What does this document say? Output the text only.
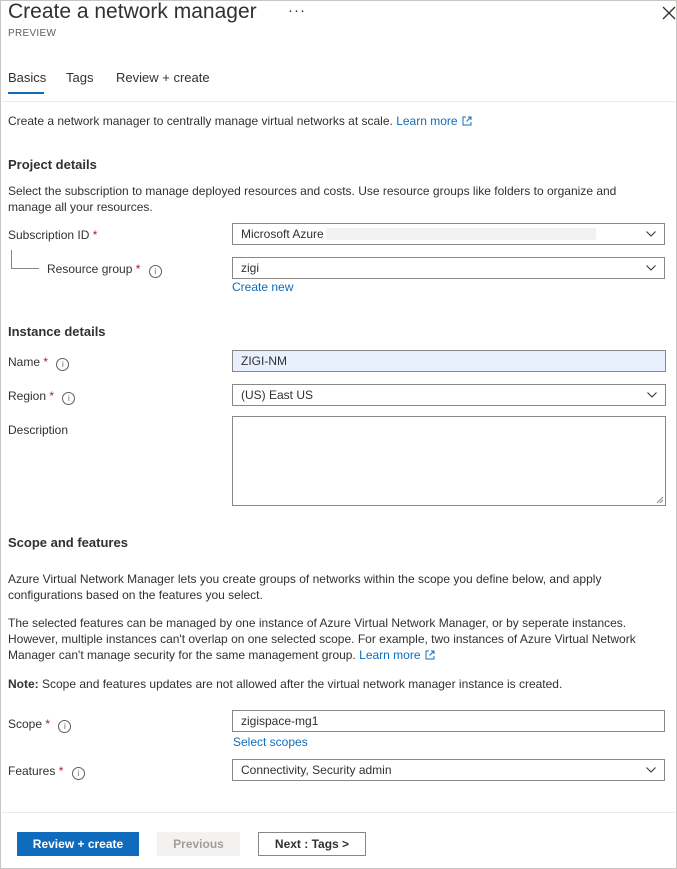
Create a network manager ···
PREVIEW
Basics Tags Review + create
Create a network manager to centrally manage virtual networks at scale. Learn more
Project details
Select the subscription to manage deployed resources and costs. Use resource groups like folders to organize and manage all your resources.
Subscription ID *	Microsoft Azure
Resource group * i	zigi
Create new
Instance details
Name * i	ZIGI-NM
Region * i	(US) East US
Description
Scope and features
Azure Virtual Network Manager lets you create groups of networks within the scope you define below, and apply configurations based on the features you select.
The selected features can be managed by one instance of Azure Virtual Network Manager, or by seperate instances. However, multiple instances can't overlap on one selected scope. For example, two instances of Azure Virtual Network Manager can't manage security for the same management group. Learn more
Note: Scope and features updates are not allowed after the virtual network manager instance is created.
Scope * i	zigispace-mg1
Select scopes
Features * i	Connectivity, Security admin
Review + create	Previous	Next : Tags >
